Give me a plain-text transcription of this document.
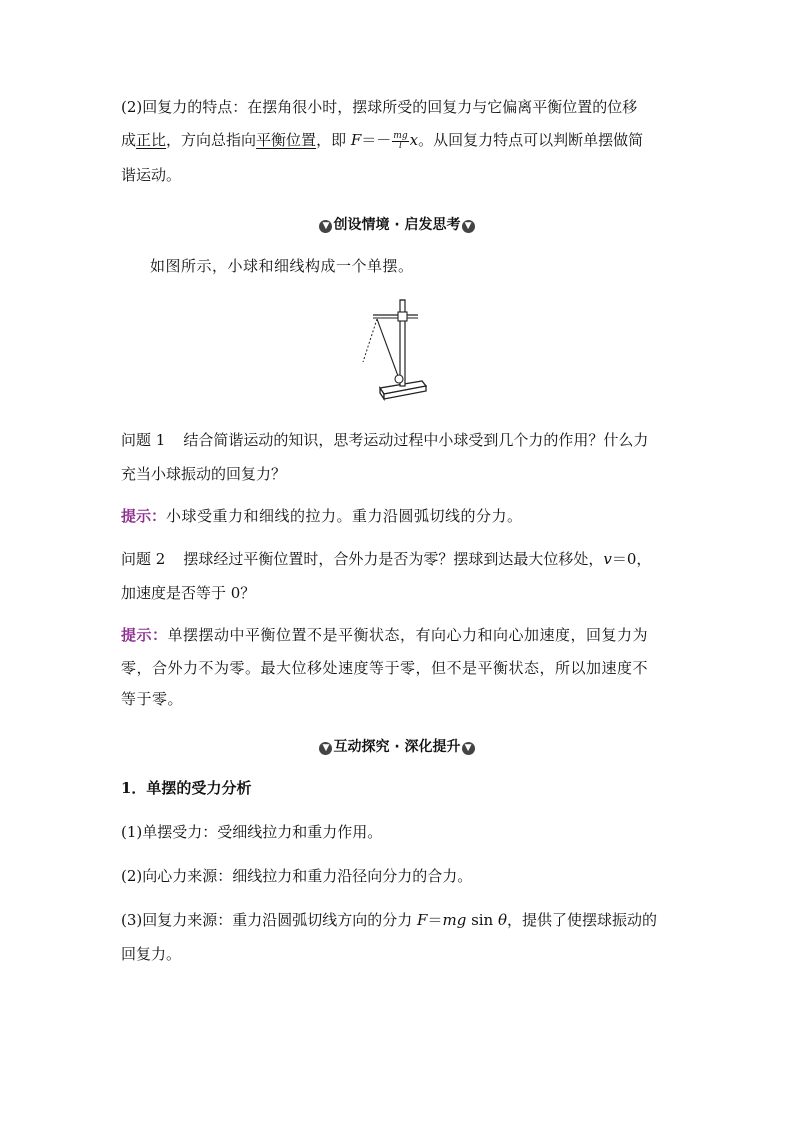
(2)回复力的特点：在摆角很小时，摆球所受的回复力与它偏离平衡位置的位移
成正比，方向总指向平衡位置，即 $F=- \frac{mg}{l}$ x。从回复力特点可以判断单摆做简
谐运动。
▼ 创设情境 · 启发思考 ▼
如图所示，小球和细线构成一个单摆。
问题 1 结合简谐运动的知识，思考运动过程中小球受到几个力的作用？什么力
充当小球振动的回复力？
提示：小球受重力和细线的拉力。重力沿圆弧切线的分力。
问题 2 摆球经过平衡位置时，合外力是否为零？摆球到达最大位移处，v＝0，
加速度是否等于 0？
提示：单摆摆动中平衡位置不是平衡状态，有向心力和向心加速度，回复力为
零，合外力不为零。最大位移处速度等于零，但不是平衡状态，所以加速度不
等于零。
▼ 互动探究 · 深化提升 ▼
1．单摆的受力分析
(1)单摆受力：受细线拉力和重力作用。
(2)向心力来源：细线拉力和重力沿径向分力的合力。
(3)回复力来源：重力沿圆弧切线方向的分力 F＝mg sin θ，提供了使摆球振动的
回复力。
